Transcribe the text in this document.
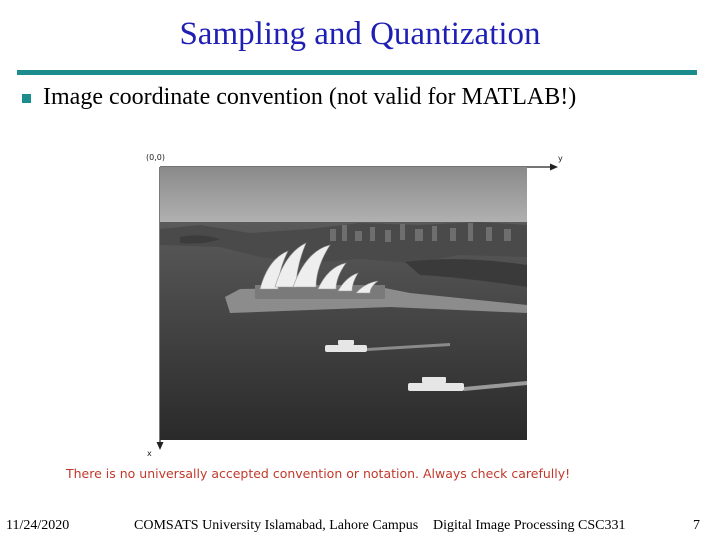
Sampling and Quantization
Image coordinate convention (not valid for MATLAB!)
(0,0)	y
x
There is no universally accepted convention or notation. Always check carefully!
11/24/2020	COMSATS University Islamabad, Lahore Campus Digital Image Processing CSC331	7
